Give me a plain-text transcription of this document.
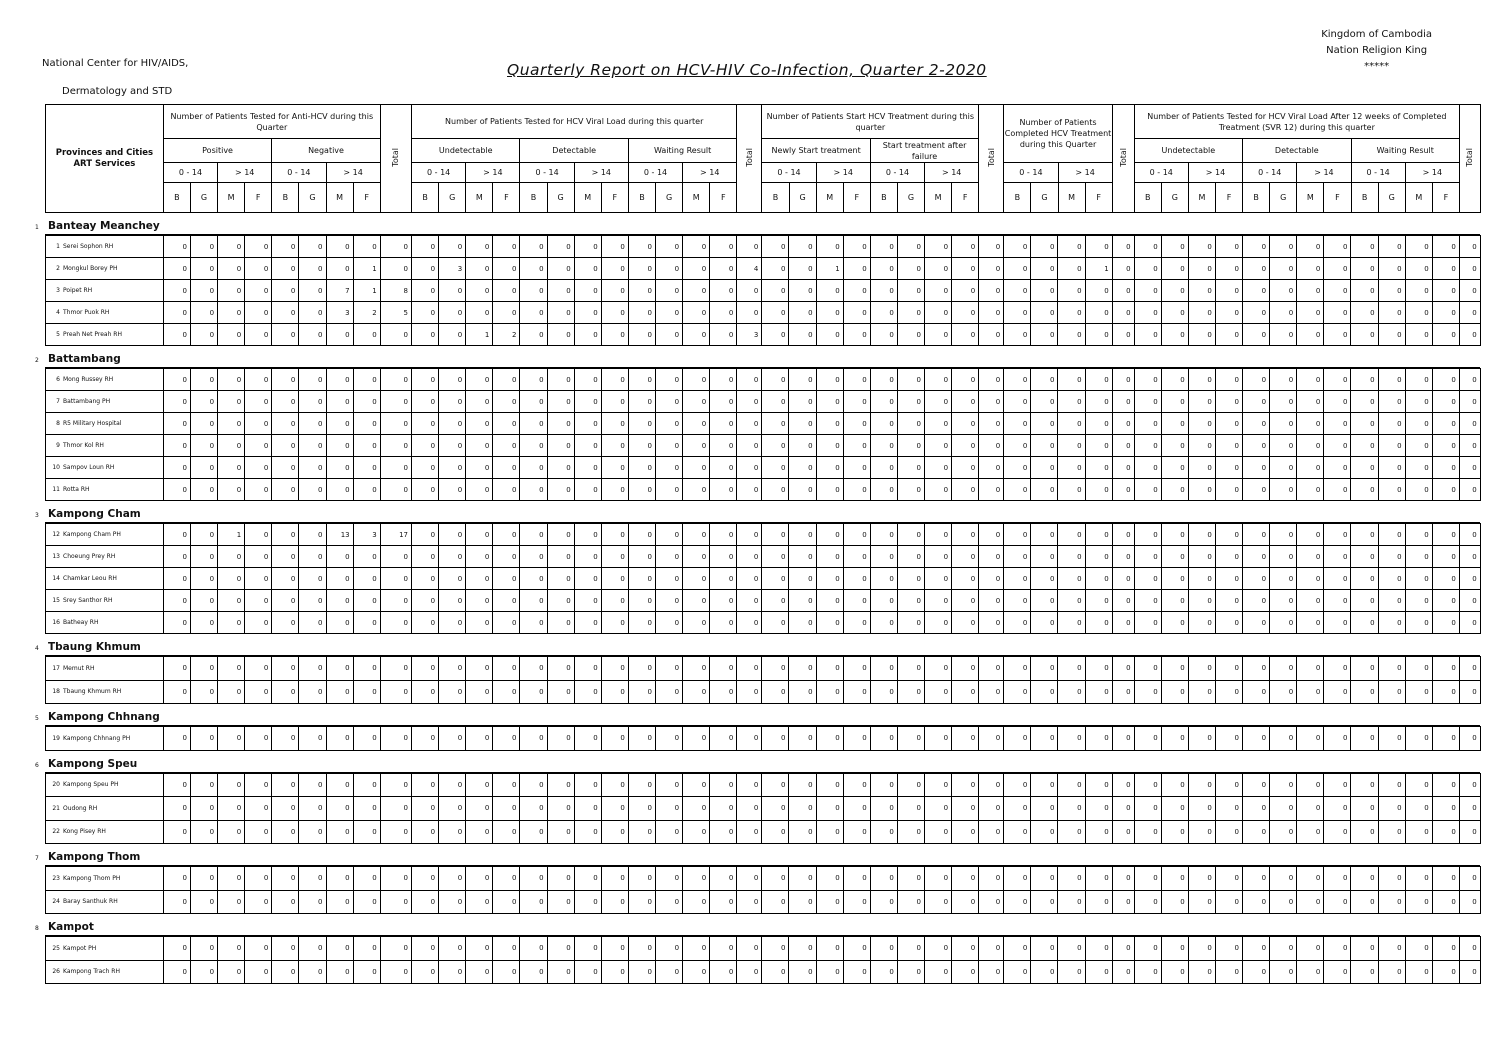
National Center for HIV/AIDS,
Dermatology and STD
Kingdom of Cambodia
Nation Religion King
*****
Quarterly Report on HCV-HIV Co-Infection, Quarter 2-2020
Provinces and Cities ART Services	Number of Patients Tested for Anti-HCV during this Quarter								Total	Number of Patients Tested for HCV Viral Load during this quarter												Total	Number of Patients Start HCV Treatment during this quarter								Total	Number of Patients Completed HCV Treatment during this Quarter				Total	Number of Patients Tested for HCV Viral Load After 12 weeks of Completed Treatment (SVR 12) during this quarter												Total
	Positive				Negative					Undetectable				Detectable				Waiting Result					Newly Start treatment				Start treatment after failure										Undetectable				Detectable				Waiting Result				
	0 - 14		> 14		0 - 14		> 14			0 - 14		> 14		0 - 14		> 14		0 - 14		> 14			0 - 14		> 14		0 - 14		> 14			0 - 14		> 14			0 - 14		> 14		0 - 14		> 14		0 - 14		> 14		
	B	G	M	F	B	G	M	F		B	G	M	F	B	G	M	F	B	G	M	F		B	G	M	F	B	G	M	F		B	G	M	F		B	G	M	F	B	G	M	F	B	G	M	F	
1 Banteay Meanchey
1 Serei Sophon RH	0	0	0	0	0	0	0	0	0	0	0	0	0	0	0	0	0	0	0	0	0	0	0	0	0	0	0	0	0	0	0	0	0	0	0	0	0	0	0	0	0	0	0	0	0	0	0	0	0
2 Mongkul Borey PH	0	0	0	0	0	0	0	1	0	0	3	0	0	0	0	0	0	0	0	0	0	4	0	0	1	0	0	0	0	0	0	0	0	0	1	0	0	0	0	0	0	0	0	0	0	0	0	0	0
3 Poipet RH	0	0	0	0	0	0	7	1	8	0	0	0	0	0	0	0	0	0	0	0	0	0	0	0	0	0	0	0	0	0	0	0	0	0	0	0	0	0	0	0	0	0	0	0	0	0	0	0	0
4 Thmor Puok RH	0	0	0	0	0	0	3	2	5	0	0	0	0	0	0	0	0	0	0	0	0	0	0	0	0	0	0	0	0	0	0	0	0	0	0	0	0	0	0	0	0	0	0	0	0	0	0	0	0
5 Preah Net Preah RH	0	0	0	0	0	0	0	0	0	0	0	1	2	0	0	0	0	0	0	0	0	3	0	0	0	0	0	0	0	0	0	0	0	0	0	0	0	0	0	0	0	0	0	0	0	0	0	0	0
2 Battambang
6 Mong Russey RH	0	0	0	0	0	0	0	0	0	0	0	0	0	0	0	0	0	0	0	0	0	0	0	0	0	0	0	0	0	0	0	0	0	0	0	0	0	0	0	0	0	0	0	0	0	0	0	0	0
7 Battambang PH	0	0	0	0	0	0	0	0	0	0	0	0	0	0	0	0	0	0	0	0	0	0	0	0	0	0	0	0	0	0	0	0	0	0	0	0	0	0	0	0	0	0	0	0	0	0	0	0	0
8 R5 Military Hospital	0	0	0	0	0	0	0	0	0	0	0	0	0	0	0	0	0	0	0	0	0	0	0	0	0	0	0	0	0	0	0	0	0	0	0	0	0	0	0	0	0	0	0	0	0	0	0	0	0
9 Thmor Kol RH	0	0	0	0	0	0	0	0	0	0	0	0	0	0	0	0	0	0	0	0	0	0	0	0	0	0	0	0	0	0	0	0	0	0	0	0	0	0	0	0	0	0	0	0	0	0	0	0	0
10 Sampov Loun RH	0	0	0	0	0	0	0	0	0	0	0	0	0	0	0	0	0	0	0	0	0	0	0	0	0	0	0	0	0	0	0	0	0	0	0	0	0	0	0	0	0	0	0	0	0	0	0	0	0
11 Rotta RH	0	0	0	0	0	0	0	0	0	0	0	0	0	0	0	0	0	0	0	0	0	0	0	0	0	0	0	0	0	0	0	0	0	0	0	0	0	0	0	0	0	0	0	0	0	0	0	0	0
3 Kampong Cham
12 Kampong Cham PH	0	0	1	0	0	0	13	3	17	0	0	0	0	0	0	0	0	0	0	0	0	0	0	0	0	0	0	0	0	0	0	0	0	0	0	0	0	0	0	0	0	0	0	0	0	0	0	0	0
13 Choeung Prey RH	0	0	0	0	0	0	0	0	0	0	0	0	0	0	0	0	0	0	0	0	0	0	0	0	0	0	0	0	0	0	0	0	0	0	0	0	0	0	0	0	0	0	0	0	0	0	0	0	0
14 Chamkar Leou RH	0	0	0	0	0	0	0	0	0	0	0	0	0	0	0	0	0	0	0	0	0	0	0	0	0	0	0	0	0	0	0	0	0	0	0	0	0	0	0	0	0	0	0	0	0	0	0	0	0
15 Srey Santhor RH	0	0	0	0	0	0	0	0	0	0	0	0	0	0	0	0	0	0	0	0	0	0	0	0	0	0	0	0	0	0	0	0	0	0	0	0	0	0	0	0	0	0	0	0	0	0	0	0	0
16 Batheay RH	0	0	0	0	0	0	0	0	0	0	0	0	0	0	0	0	0	0	0	0	0	0	0	0	0	0	0	0	0	0	0	0	0	0	0	0	0	0	0	0	0	0	0	0	0	0	0	0	0
4 Tbaung Khmum
17 Memut RH	0	0	0	0	0	0	0	0	0	0	0	0	0	0	0	0	0	0	0	0	0	0	0	0	0	0	0	0	0	0	0	0	0	0	0	0	0	0	0	0	0	0	0	0	0	0	0	0	0
18 Tbaung Khmum RH	0	0	0	0	0	0	0	0	0	0	0	0	0	0	0	0	0	0	0	0	0	0	0	0	0	0	0	0	0	0	0	0	0	0	0	0	0	0	0	0	0	0	0	0	0	0	0	0	0
5 Kampong Chhnang
19 Kampong Chhnang PH	0	0	0	0	0	0	0	0	0	0	0	0	0	0	0	0	0	0	0	0	0	0	0	0	0	0	0	0	0	0	0	0	0	0	0	0	0	0	0	0	0	0	0	0	0	0	0	0	0
6 Kampong Speu
20 Kampong Speu PH	0	0	0	0	0	0	0	0	0	0	0	0	0	0	0	0	0	0	0	0	0	0	0	0	0	0	0	0	0	0	0	0	0	0	0	0	0	0	0	0	0	0	0	0	0	0	0	0	0
21 Oudong RH	0	0	0	0	0	0	0	0	0	0	0	0	0	0	0	0	0	0	0	0	0	0	0	0	0	0	0	0	0	0	0	0	0	0	0	0	0	0	0	0	0	0	0	0	0	0	0	0	0
22 Kong Pisey RH	0	0	0	0	0	0	0	0	0	0	0	0	0	0	0	0	0	0	0	0	0	0	0	0	0	0	0	0	0	0	0	0	0	0	0	0	0	0	0	0	0	0	0	0	0	0	0	0	0
7 Kampong Thom
23 Kampong Thom PH	0	0	0	0	0	0	0	0	0	0	0	0	0	0	0	0	0	0	0	0	0	0	0	0	0	0	0	0	0	0	0	0	0	0	0	0	0	0	0	0	0	0	0	0	0	0	0	0	0
24 Baray Santhuk RH	0	0	0	0	0	0	0	0	0	0	0	0	0	0	0	0	0	0	0	0	0	0	0	0	0	0	0	0	0	0	0	0	0	0	0	0	0	0	0	0	0	0	0	0	0	0	0	0	0
8 Kampot
25 Kampot PH	0	0	0	0	0	0	0	0	0	0	0	0	0	0	0	0	0	0	0	0	0	0	0	0	0	0	0	0	0	0	0	0	0	0	0	0	0	0	0	0	0	0	0	0	0	0	0	0	0
26 Kampong Trach RH	0	0	0	0	0	0	0	0	0	0	0	0	0	0	0	0	0	0	0	0	0	0	0	0	0	0	0	0	0	0	0	0	0	0	0	0	0	0	0	0	0	0	0	0	0	0	0	0	0
